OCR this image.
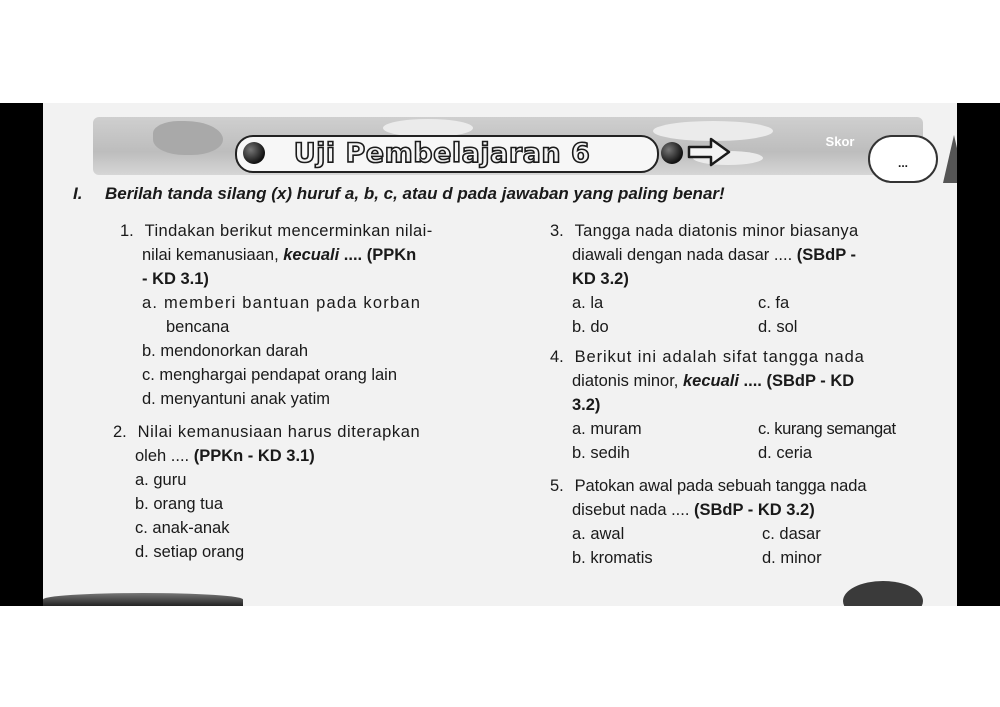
Uji Pembelajaran 6	Skor
...
I. Berilah tanda silang (x) huruf a, b, c, atau d pada jawaban yang paling benar!
1. Tindakan berikut mencerminkan nilai-
nilai kemanusiaan, kecuali .... (PPKn
- KD 3.1)
a. memberi bantuan pada korban
bencana
b. mendonorkan darah
c. menghargai pendapat orang lain
d. menyantuni anak yatim
2. Nilai kemanusiaan harus diterapkan
oleh .... (PPKn - KD 3.1)
a. guru
b. orang tua
c. anak-anak
d. setiap orang
3. Tangga nada diatonis minor biasanya
diawali dengan nada dasar .... (SBdP -
KD 3.2)
a. la	c. fa
b. do	d. sol
4. Berikut ini adalah sifat tangga nada
diatonis minor, kecuali .... (SBdP - KD
3.2)
a. muram	c. kurang semangat
b. sedih	d. ceria
5. Patokan awal pada sebuah tangga nada
disebut nada .... (SBdP - KD 3.2)
a. awal	c. dasar
b. kromatis	d. minor
